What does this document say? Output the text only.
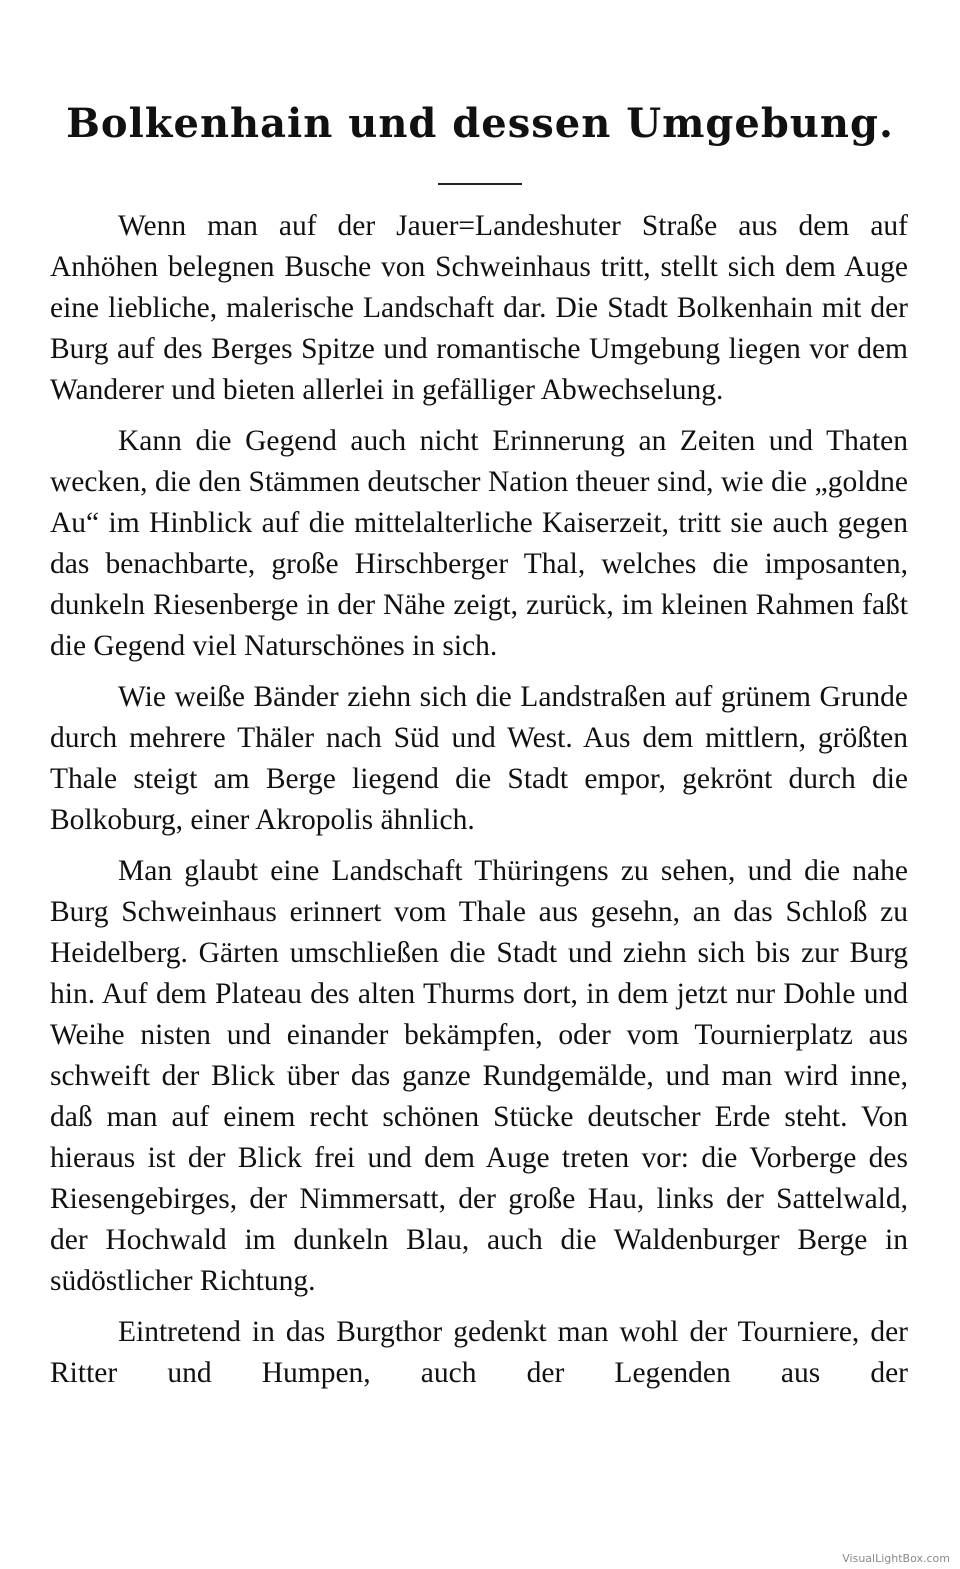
Bolkenhain und dessen Umgebung.

Wenn man auf der Jauer=Landeshuter Straße aus dem auf Anhöhen belegnen Busche von Schweinhaus tritt, stellt sich dem Auge eine liebliche, malerische Landschaft dar. Die Stadt Bolkenhain mit der Burg auf des Berges Spitze und romantische Umgebung liegen vor dem Wanderer und bieten allerlei in gefälliger Abwechselung.

Kann die Gegend auch nicht Erinnerung an Zeiten und Thaten wecken, die den Stämmen deutscher Nation theuer sind, wie die „goldne Au“ im Hinblick auf die mittelalterliche Kaiserzeit, tritt sie auch gegen das benachbarte, große Hirschberger Thal, welches die imposanten, dunkeln Riesenberge in der Nähe zeigt, zurück, im kleinen Rahmen faßt die Gegend viel Naturschönes in sich.

Wie weiße Bänder ziehn sich die Landstraßen auf grünem Grunde durch mehrere Thäler nach Süd und West. Aus dem mittlern, größten Thale steigt am Berge liegend die Stadt empor, gekrönt durch die Bolkoburg, einer Akropolis ähnlich.

Man glaubt eine Landschaft Thüringens zu sehen, und die nahe Burg Schweinhaus erinnert vom Thale aus gesehn, an das Schloß zu Heidelberg. Gärten umschließen die Stadt und ziehn sich bis zur Burg hin. Auf dem Plateau des alten Thurms dort, in dem jetzt nur Dohle und Weihe nisten und einander bekämpfen, oder vom Tournierplatz aus schweift der Blick über das ganze Rundgemälde, und man wird inne, daß man auf einem recht schönen Stücke deutscher Erde steht. Von hieraus ist der Blick frei und dem Auge treten vor: die Vorberge des Riesengebirges, der Nimmersatt, der große Hau, links der Sattelwald, der Hochwald im dunkeln Blau, auch die Waldenburger Berge in südöstlicher Richtung.

Eintretend in das Burgthor gedenkt man wohl der Tourniere, der Ritter und Humpen, auch der Legenden aus der

VisualLightBox.com
